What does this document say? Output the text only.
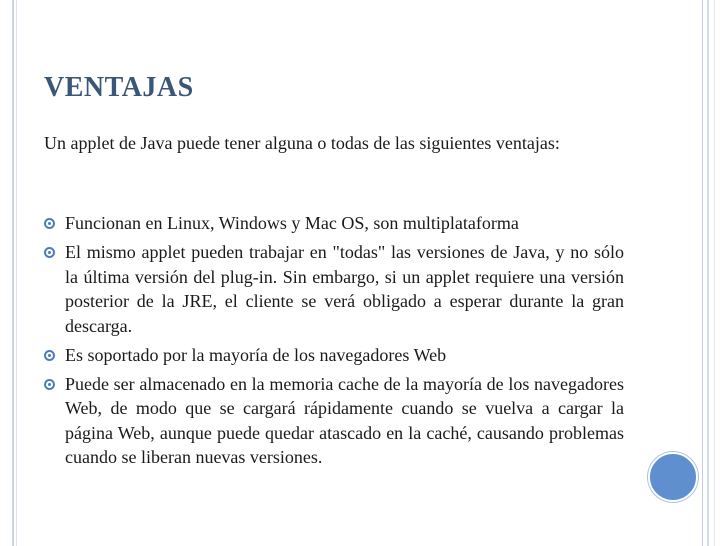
VENTAJAS

Un applet de Java puede tener alguna o todas de las siguientes ventajas:

Funcionan en Linux, Windows y Mac OS, son multiplataforma
El mismo applet pueden trabajar en "todas" las versiones de Java, y no sólo la última versión del plug-in. Sin embargo, si un applet requiere una versión posterior de la JRE, el cliente se verá obligado a esperar durante la gran descarga.
Es soportado por la mayoría de los navegadores Web
Puede ser almacenado en la memoria cache de la mayoría de los navegadores Web, de modo que se cargará rápidamente cuando se vuelva a cargar la página Web, aunque puede quedar atascado en la caché, causando problemas cuando se liberan nuevas versiones.
